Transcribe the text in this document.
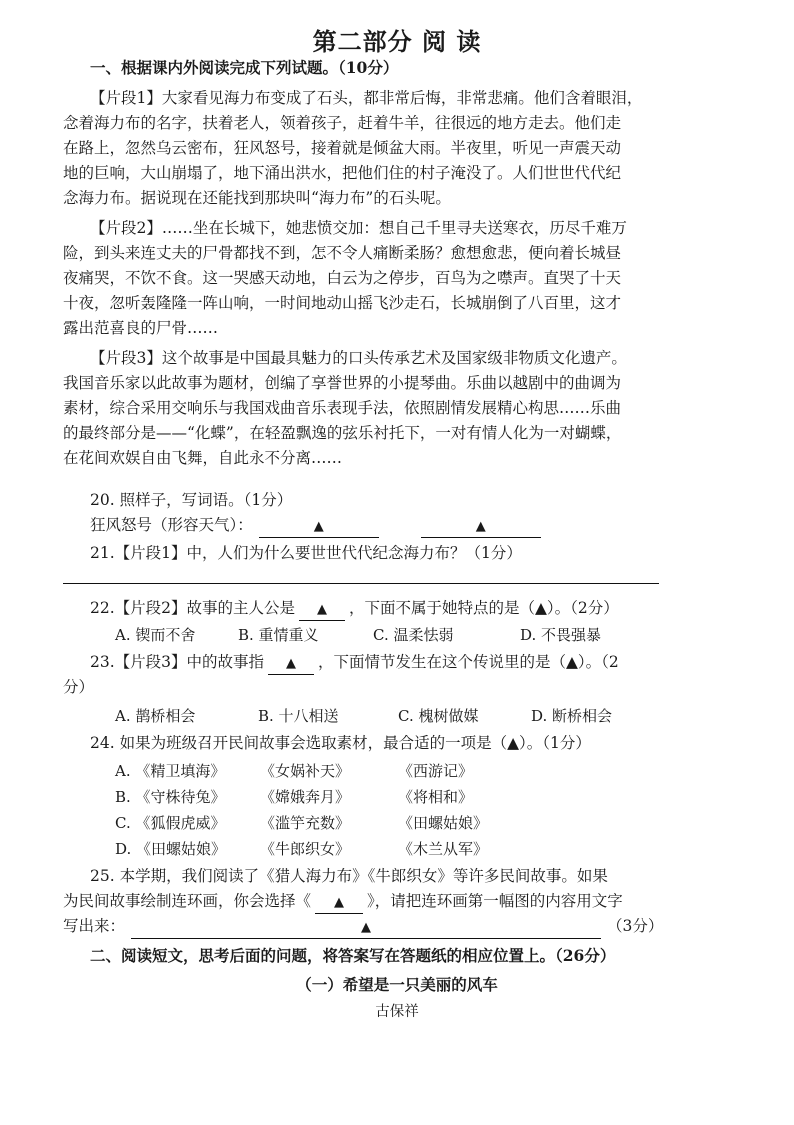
第二部分 阅 读
一、根据课内外阅读完成下列试题。（10分）
【片段1】大家看见海力布变成了石头，都非常后悔，非常悲痛。他们含着眼泪，
念着海力布的名字，扶着老人，领着孩子，赶着牛羊，往很远的地方走去。他们走
在路上，忽然乌云密布，狂风怒号，接着就是倾盆大雨。半夜里，听见一声震天动
地的巨响，大山崩塌了，地下涌出洪水，把他们住的村子淹没了。人们世世代代纪
念海力布。据说现在还能找到那块叫“海力布”的石头呢。
【片段2】……坐在长城下，她悲愤交加：想自己千里寻夫送寒衣，历尽千难万
险，到头来连丈夫的尸骨都找不到，怎不令人痛断柔肠？愈想愈悲，便向着长城昼
夜痛哭，不饮不食。这一哭感天动地，白云为之停步，百鸟为之噤声。直哭了十天
十夜，忽听轰隆隆一阵山响，一时间地动山摇飞沙走石，长城崩倒了八百里，这才
露出范喜良的尸骨……
【片段3】这个故事是中国最具魅力的口头传承艺术及国家级非物质文化遗产。
我国音乐家以此故事为题材，创编了享誉世界的小提琴曲。乐曲以越剧中的曲调为
素材，综合采用交响乐与我国戏曲音乐表现手法，依照剧情发展精心构思……乐曲
的最终部分是——“化蝶”，在轻盈飘逸的弦乐衬托下，一对有情人化为一对蝴蝶，
在花间欢娱自由飞舞，自此永不分离……
20. 照样子，写词语。（1分）
狂风怒号（形容天气）：	▲	▲
21.【片段1】中，人们为什么要世世代代纪念海力布？（1分）
22.【片段2】故事的主人公是 ▲ ，下面不属于她特点的是（▲）。（2分）
A. 锲而不舍	B. 重情重义	C. 温柔怯弱	D. 不畏强暴
23.【片段3】中的故事指 ▲ ，下面情节发生在这个传说里的是（▲）。（2
分）
A. 鹊桥相会	B. 十八相送	C. 槐树做媒	D. 断桥相会
24. 如果为班级召开民间故事会选取素材，最合适的一项是（▲）。（1分）
A. 《精卫填海》 《女娲补天》	《西游记》
B. 《守株待兔》 《嫦娥奔月》	《将相和》
C. 《狐假虎威》 《滥竽充数》	《田螺姑娘》
D. 《田螺姑娘》 《牛郎织女》	《木兰从军》
25. 本学期，我们阅读了《猎人海力布》《牛郎织女》等许多民间故事。如果
为民间故事绘制连环画，你会选择《 ▲ 》，请把连环画第一幅图的内容用文字
写出来：	▲	（3分）
二、阅读短文，思考后面的问题，将答案写在答题纸的相应位置上。（26分）
（一）希望是一只美丽的风车
古保祥
